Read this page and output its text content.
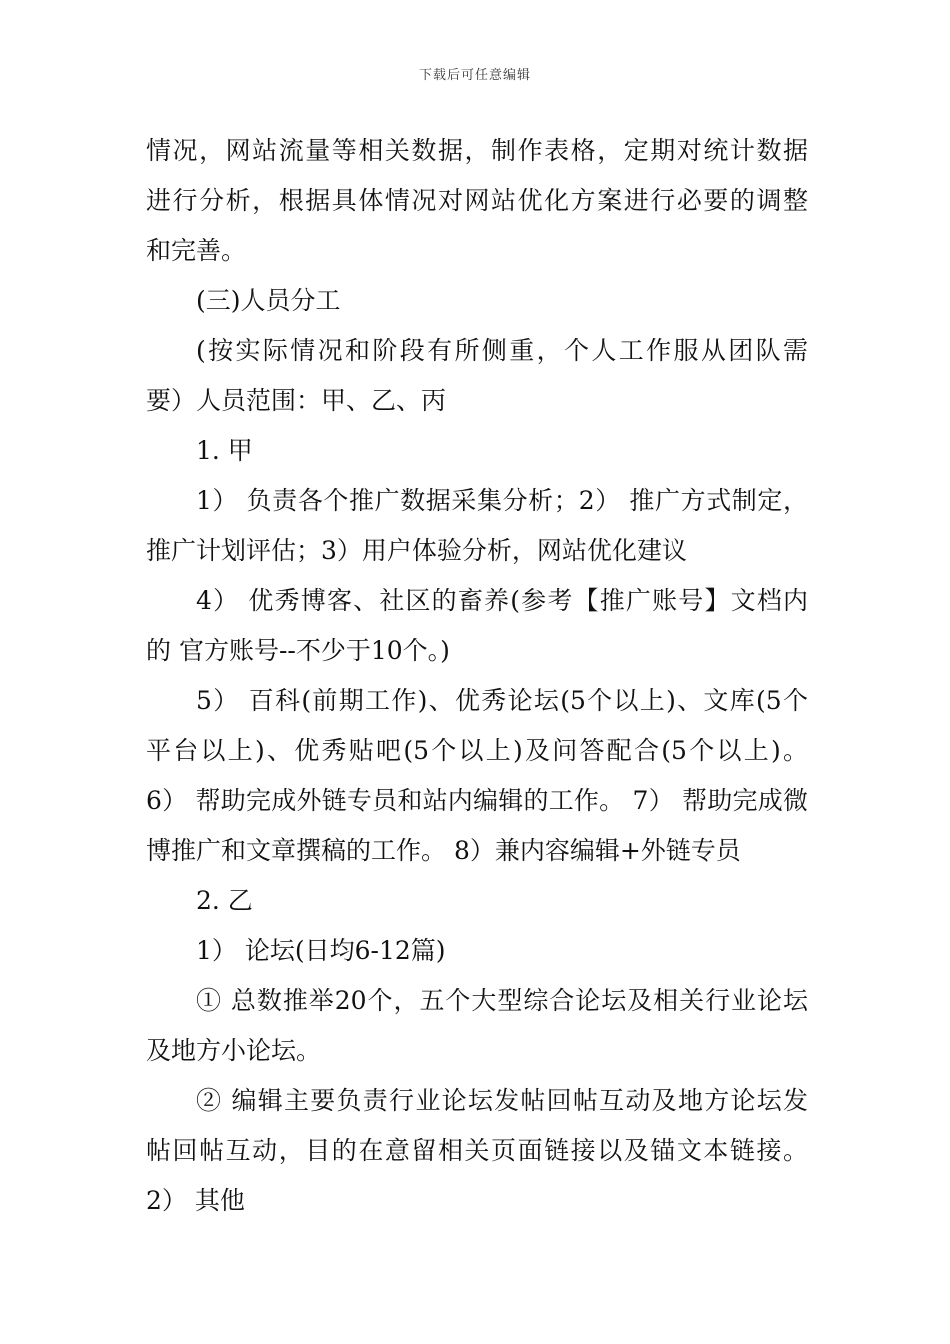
下载后可任意编辑
情况，网站流量等相关数据，制作表格，定期对统计数据
进行分析，根据具体情况对网站优化方案进行必要的调整
和完善。
(三)人员分工
(按实际情况和阶段有所侧重，个人工作服从团队需
要）人员范围：甲、乙、丙
1. 甲
1） 负责各个推广数据采集分析；2） 推广方式制定，
推广计划评估；3）用户体验分析，网站优化建议
4） 优秀博客、社区的畜养(参考【推广账号】文档内
的 官方账号--不少于10个。)
5） 百科(前期工作)、优秀论坛(5个以上)、文库(5个
平台以上)、优秀贴吧(5个以上)及问答配合(5个以上)。
6） 帮助完成外链专员和站内编辑的工作。 7） 帮助完成微
博推广和文章撰稿的工作。 8）兼内容编辑+外链专员
2. 乙
1） 论坛(日均6-12篇)
① 总数推举20个，五个大型综合论坛及相关行业论坛
及地方小论坛。
② 编辑主要负责行业论坛发帖回帖互动及地方论坛发
帖回帖互动，目的在意留相关页面链接以及锚文本链接。
2） 其他
